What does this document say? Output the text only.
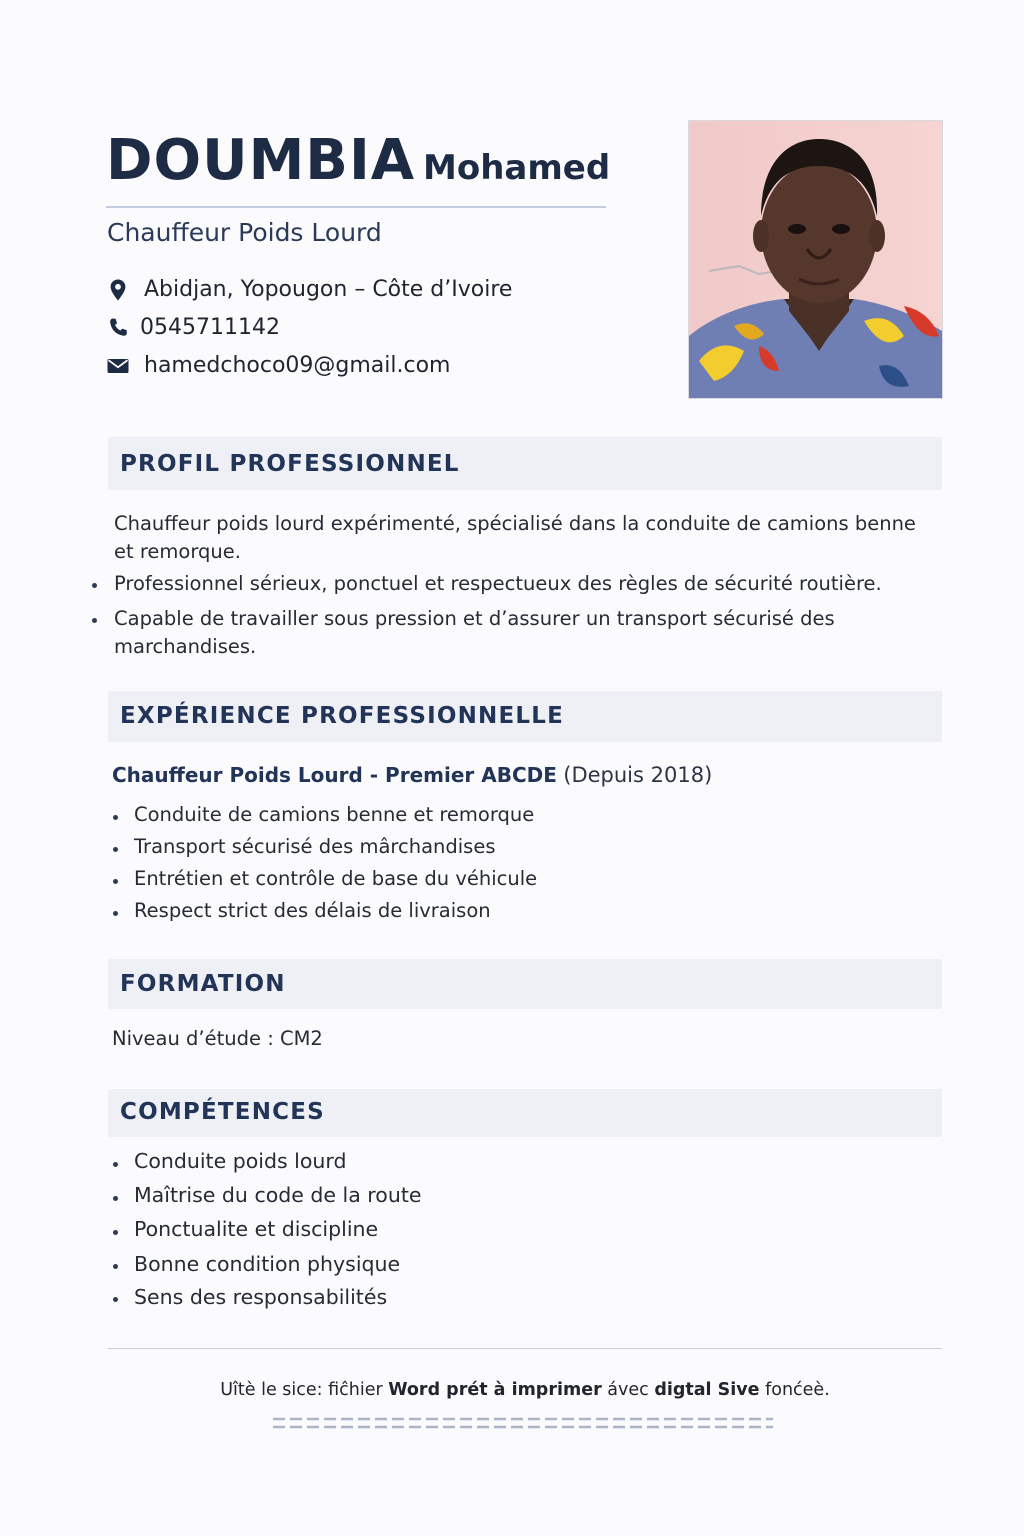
DOUMBIA Mohamed
Chauffeur Poids Lourd
Abidjan, Yopougon – Côte d’Ivoire
0545711142
hamedchoco09@gmail.com
PROFIL PROFESSIONNEL
Chauffeur poids lourd expérimenté, spécialisé dans la conduite de camions benne
et remorque.
Professionnel sérieux, ponctuel et respectueux des règles de sécurité routière.
Capable de travailler sous pression et d’assurer un transport sécurisé des
marchandises.
EXPÉRIENCE PROFESSIONNELLE
Chauffeur Poids Lourd - Premier ABCDE (Depuis 2018)
Conduite de camions benne et remorque
Transport sécurisé des mârchandises
Entrétien et contrôle de base du véhicule
Respect strict des délais de livraison
FORMATION
Niveau d’étude : CM2
COMPÉTENCES
Conduite poids lourd
Maîtrise du code de la route
Ponctualite et discipline
Bonne condition physique
Sens des responsabilités
Uîtè le sice: fiĉhier Word prét à imprimer ávec digtal Sive fonćeè.
